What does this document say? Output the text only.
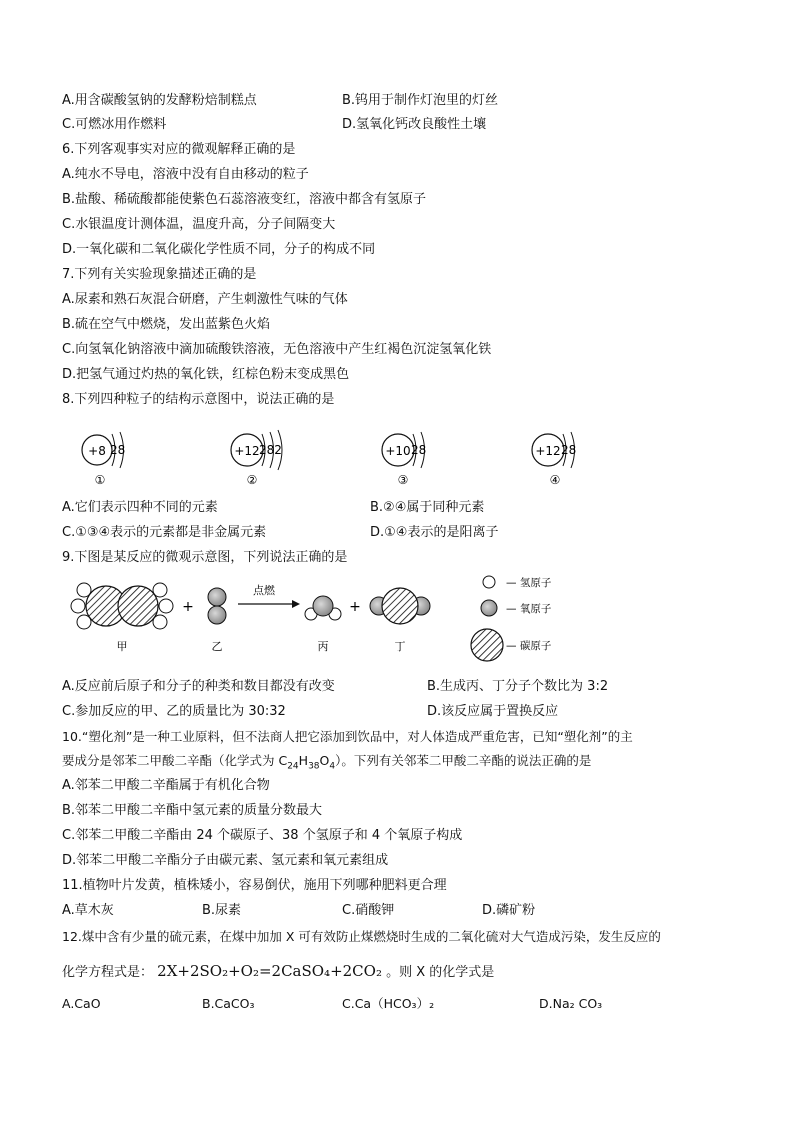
A.用含碳酸氢钠的发酵粉焙制糕点	B.钨用于制作灯泡里的灯丝
C.可燃冰用作燃料	D.氢氧化钙改良酸性土壤
6.下列客观事实对应的微观解释正确的是
A.纯水不导电，溶液中没有自由移动的粒子
B.盐酸、稀硫酸都能使紫色石蕊溶液变红，溶液中都含有氢原子
C.水银温度计测体温，温度升高，分子间隔变大
D.一氧化碳和二氧化碳化学性质不同，分子的构成不同
7.下列有关实验现象描述正确的是
A.尿素和熟石灰混合研磨，产生刺激性气味的气体
B.硫在空气中燃烧，发出蓝紫色火焰
C.向氢氧化钠溶液中滴加硫酸铁溶液，无色溶液中产生红褐色沉淀氢氧化铁
D.把氢气通过灼热的氧化铁，红棕色粉末变成黑色
8.下列四种粒子的结构示意图中，说法正确的是
+8 28
①
+12 282
②
+10 28
③
+12 28
④
A.它们表示四种不同的元素	B.②④属于同种元素
C.①③④表示的元素都是非金属元素	D.①④表示的是阳离子
9.下图是某反应的微观示意图，下列说法正确的是
甲
+
乙
点燃
丙
+
丁
— 氢原子
— 氧原子
— 碳原子
A.反应前后原子和分子的种类和数目都没有改变	B.生成丙、丁分子个数比为 3:2
C.参加反应的甲、乙的质量比为 30:32	D.该反应属于置换反应
10.“塑化剂”是一种工业原料，但不法商人把它添加到饮品中，对人体造成严重危害，已知“塑化剂”的主
要成分是邻苯二甲酸二辛酯（化学式为 $C_{24}H_{38}O_4$）。下列有关邻苯二甲酸二辛酯的说法正确的是
A.邻苯二甲酸二辛酯属于有机化合物
B.邻苯二甲酸二辛酯中氢元素的质量分数最大
C.邻苯二甲酸二辛酯由 24 个碳原子、38 个氢原子和 4 个氧原子构成
D.邻苯二甲酸二辛酯分子由碳元素、氢元素和氧元素组成
11.植物叶片发黄，植株矮小，容易倒伏，施用下列哪种肥料更合理
A.草木灰	B.尿素	C.硝酸钾	D.磷矿粉
12.煤中含有少量的硫元素，在煤中加加 X 可有效防止煤燃烧时生成的二氧化硫对大气造成污染，发生反应的
化学方程式是： 2X+2SO₂+O₂=2CaSO₄+2CO₂ 。则 X 的化学式是
A.CaO	B.CaCO₃	C.Ca（HCO₃）₂	D.Na₂ CO₃
